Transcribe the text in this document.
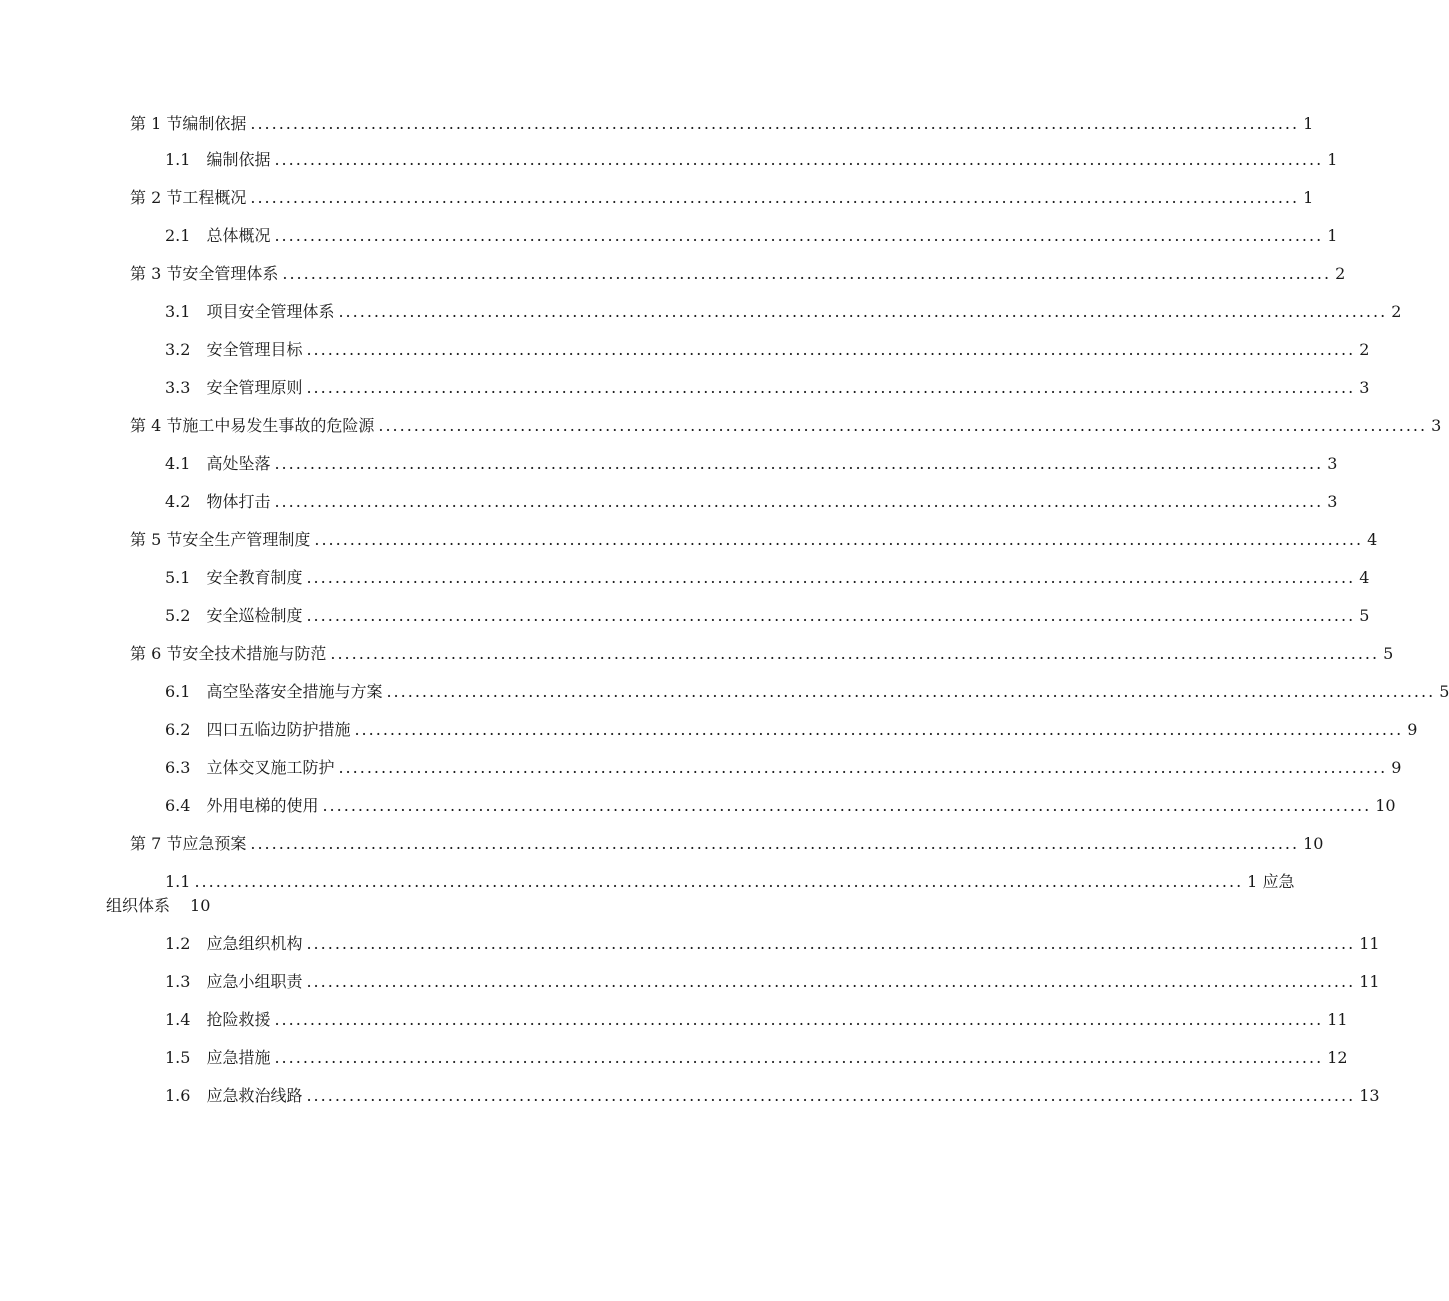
第 1 节 编制依据 .................................................................................................................................................... 1
1.1 编制依据 .................................................................................................................................................... 1
第 2 节 工程概况 .................................................................................................................................................... 1
2.1 总体概况 .................................................................................................................................................... 1
第 3 节 安全管理体系 .................................................................................................................................................... 2
3.1 项目安全管理体系 .................................................................................................................................................... 2
3.2 安全管理目标 .................................................................................................................................................... 2
3.3 安全管理原则 .................................................................................................................................................... 3
第 4 节 施工中易发生事故的危险源 .................................................................................................................................................... 3
4.1 高处坠落 .................................................................................................................................................... 3
4.2 物体打击 .................................................................................................................................................... 3
第 5 节 安全生产管理制度 .................................................................................................................................................... 4
5.1 安全教育制度 .................................................................................................................................................... 4
5.2 安全巡检制度 .................................................................................................................................................... 5
第 6 节 安全技术措施与防范 .................................................................................................................................................... 5
6.1 高空坠落安全措施与方案 .................................................................................................................................................... 5
6.2 四口五临边防护措施 .................................................................................................................................................... 9
6.3 立体交叉施工防护 .................................................................................................................................................... 9
6.4 外用电梯的使用 .................................................................................................................................................... 10
第 7 节 应急预案 .................................................................................................................................................... 10
1.1 .................................................................................................................................................... 1 应急
组织体系 10
1.2 应急组织机构 .................................................................................................................................................... 11
1.3 应急小组职责 .................................................................................................................................................... 11
1.4 抢险救援 .................................................................................................................................................... 11
1.5 应急措施 .................................................................................................................................................... 12
1.6 应急救治线路 .................................................................................................................................................... 13
